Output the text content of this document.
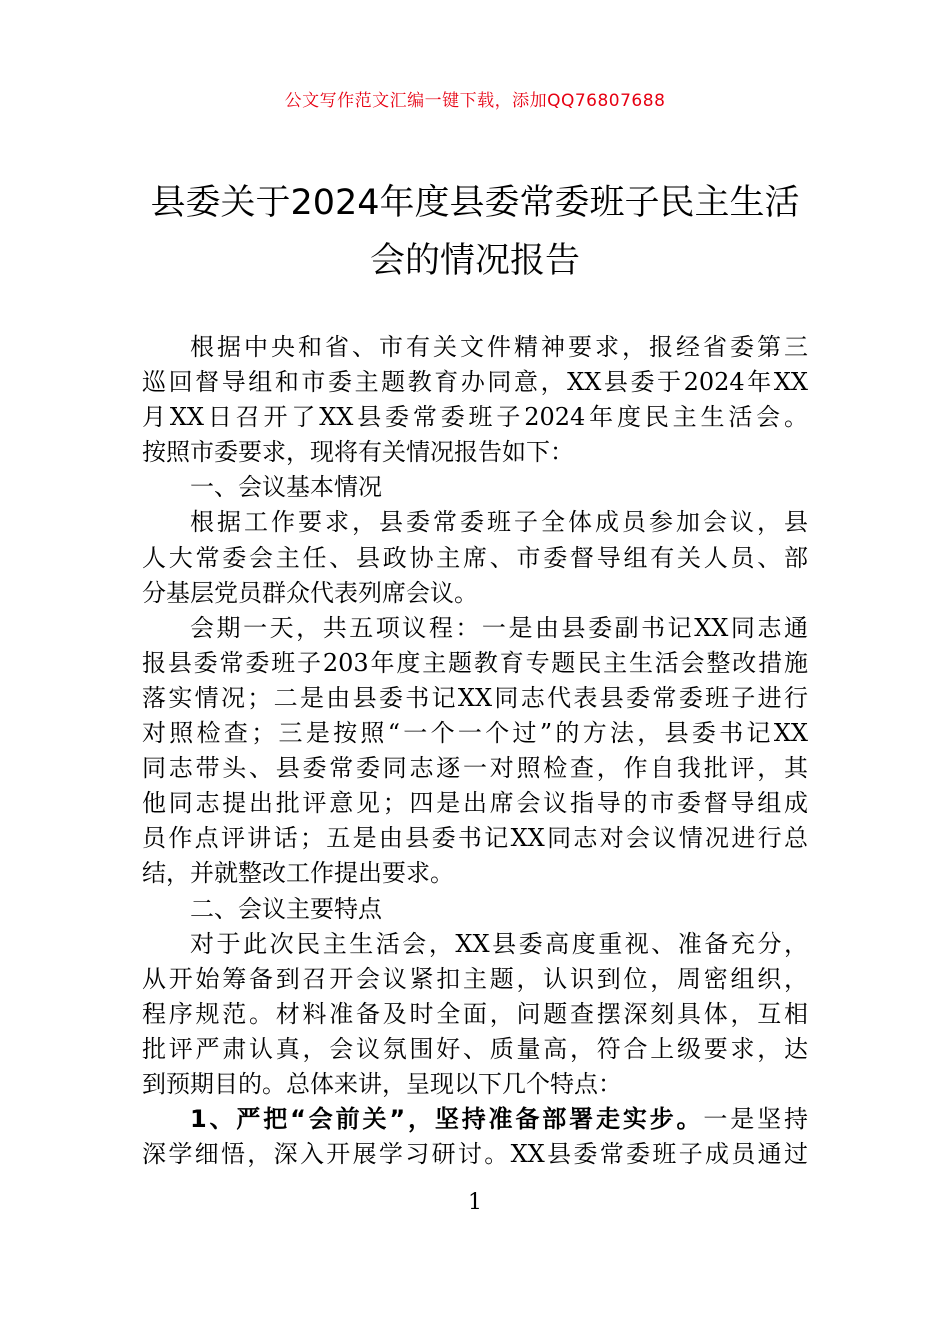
公文写作范文汇编一键下载，添加QQ76807688
县委关于2024年度县委常委班子民主生活
会的情况报告

根据中央和省、市有关文件精神要求，报经省委第三
巡回督导组和市委主题教育办同意，XX县委于2024年XX
月XX日召开了XX县委常委班子2024年度民主生活会。
按照市委要求，现将有关情况报告如下：

一、会议基本情况

根据工作要求，县委常委班子全体成员参加会议，县
人大常委会主任、县政协主席、市委督导组有关人员、部
分基层党员群众代表列席会议。

会期一天，共五项议程：一是由县委副书记XX同志通
报县委常委班子203年度主题教育专题民主生活会整改措施
落实情况；二是由县委书记XX同志代表县委常委班子进行
对照检查；三是按照“一个一个过”的方法，县委书记XX
同志带头、县委常委同志逐一对照检查，作自我批评，其
他同志提出批评意见；四是出席会议指导的市委督导组成
员作点评讲话；五是由县委书记XX同志对会议情况进行总
结，并就整改工作提出要求。

二、会议主要特点

对于此次民主生活会，XX县委高度重视、准备充分，
从开始筹备到召开会议紧扣主题，认识到位，周密组织，
程序规范。材料准备及时全面，问题查摆深刻具体，互相
批评严肃认真，会议氛围好、质量高，符合上级要求，达
到预期目的。总体来讲，呈现以下几个特点：

1、严把“会前关”，坚持准备部署走实步。一是坚持
深学细悟，深入开展学习研讨。XX县委常委班子成员通过

1
